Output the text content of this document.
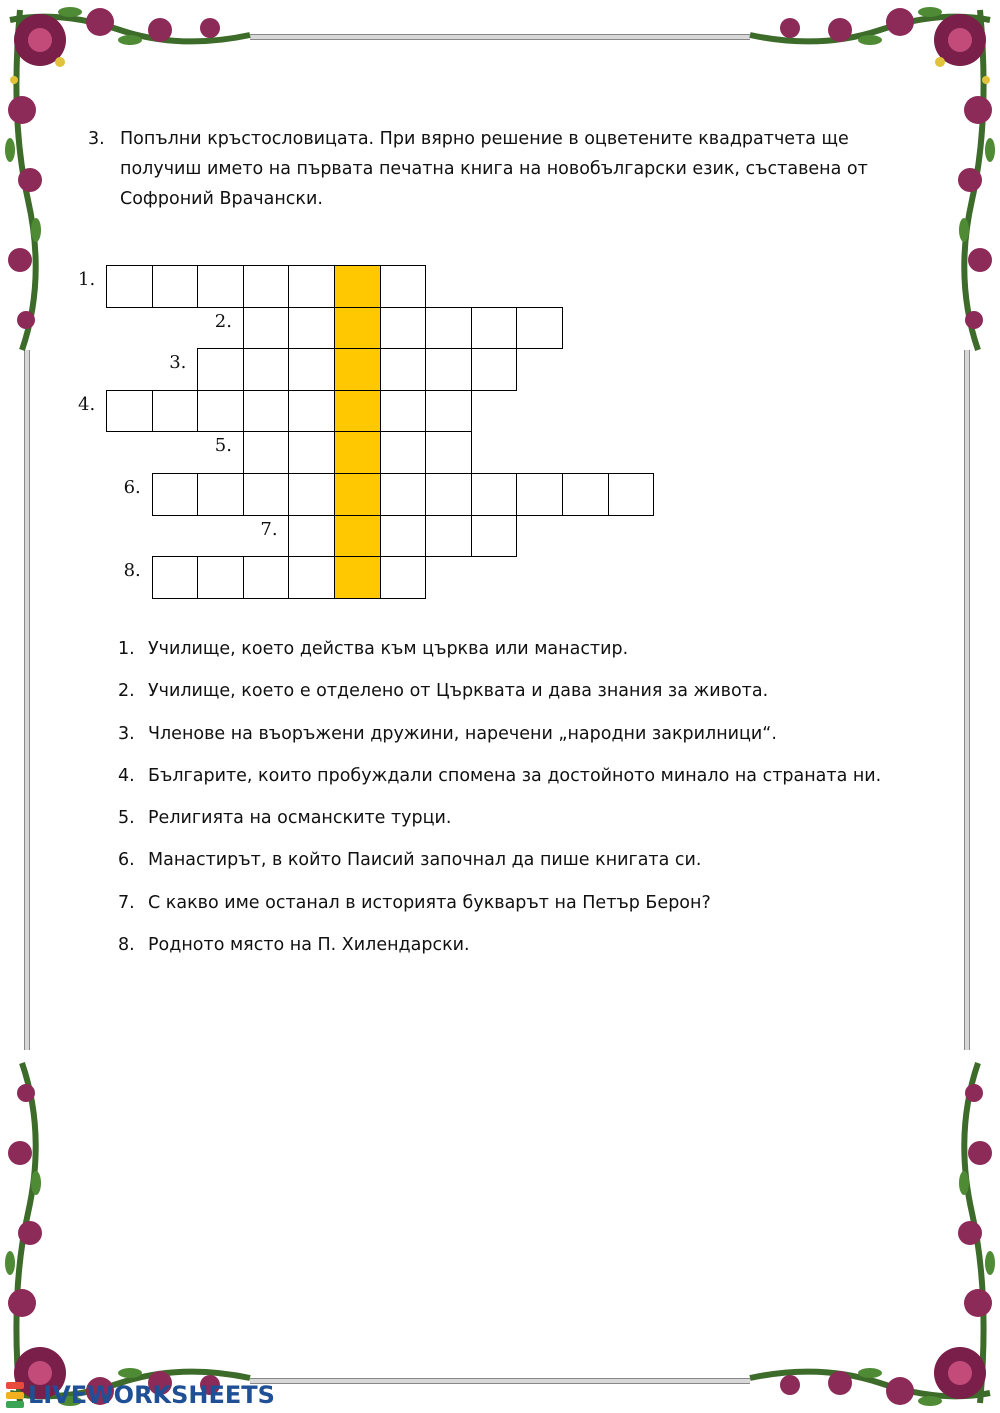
3. Попълни кръстословицата. При вярно решение в оцветените квадратчета ще получиш името на първата печатна книга на новобългарски език, съставена от Софроний Врачански.
1.
2.
3.
4.
5.
6.
7.
8.
1. Училище, което действа към църква или манастир.
2. Училище, което е отделено от Църквата и дава знания за живота.
3. Членове на въоръжени дружини, наречени „народни закрилници“.
4. Българите, които пробуждали спомена за достойното минало на страната ни.
5. Религията на османските турци.
6. Манастирът, в който Паисий започнал да пише книгата си.
7. С какво име останал в историята букварът на Петър Берон?
8. Родното място на П. Хилендарски.
LIVEWORKSHEETS
